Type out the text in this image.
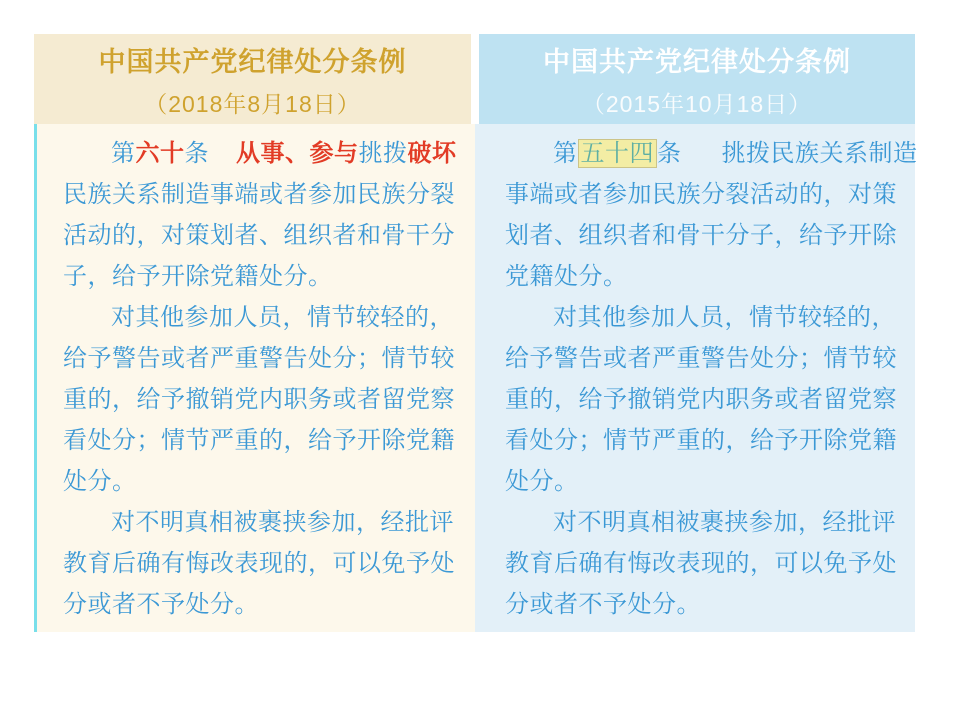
中国共产党纪律处分条例
（2018年8月18日）
第六十条 从事、参与挑拨破坏
民族关系制造事端或者参加民族分裂
活动的，对策划者、组织者和骨干分
子，给予开除党籍处分。
对其他参加人员，情节较轻的，
给予警告或者严重警告处分；情节较
重的，给予撤销党内职务或者留党察
看处分；情节严重的，给予开除党籍
处分。
对不明真相被裹挟参加，经批评
教育后确有悔改表现的，可以免予处
分或者不予处分。
中国共产党纪律处分条例
（2015年10月18日）
第 五十四 条 挑拨民族关系制造
事端或者参加民族分裂活动的，对策
划者、组织者和骨干分子，给予开除
党籍处分。
对其他参加人员，情节较轻的，
给予警告或者严重警告处分；情节较
重的，给予撤销党内职务或者留党察
看处分；情节严重的，给予开除党籍
处分。
对不明真相被裹挟参加，经批评
教育后确有悔改表现的，可以免予处
分或者不予处分。
